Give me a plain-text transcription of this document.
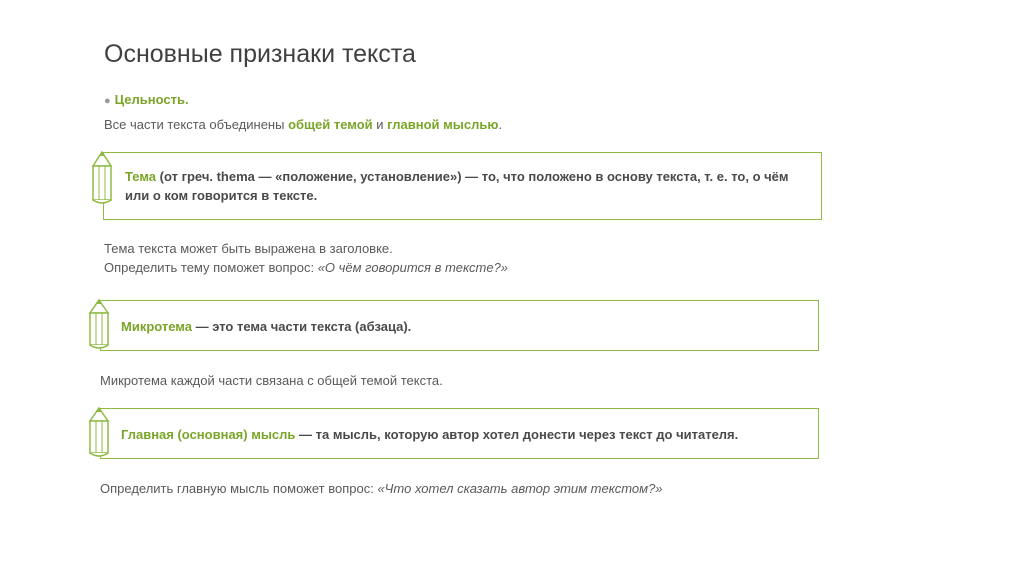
Основные признаки текста
● Цельность.
Все части текста объединены общей темой и главной мыслью.
Тема (от греч. thema — «положение, установление») — то, что положено в основу текста, т. е. то, о чём
или о ком говорится в тексте.
Тема текста может быть выражена в заголовке.
Определить тему поможет вопрос: «О чём говорится в тексте?»
Микротема — это тема части текста (абзаца).
Микротема каждой части связана с общей темой текста.
Главная (основная) мысль — та мысль, которую автор хотел донести через текст до читателя.
Определить главную мысль поможет вопрос: «Что хотел сказать автор этим текстом?»
